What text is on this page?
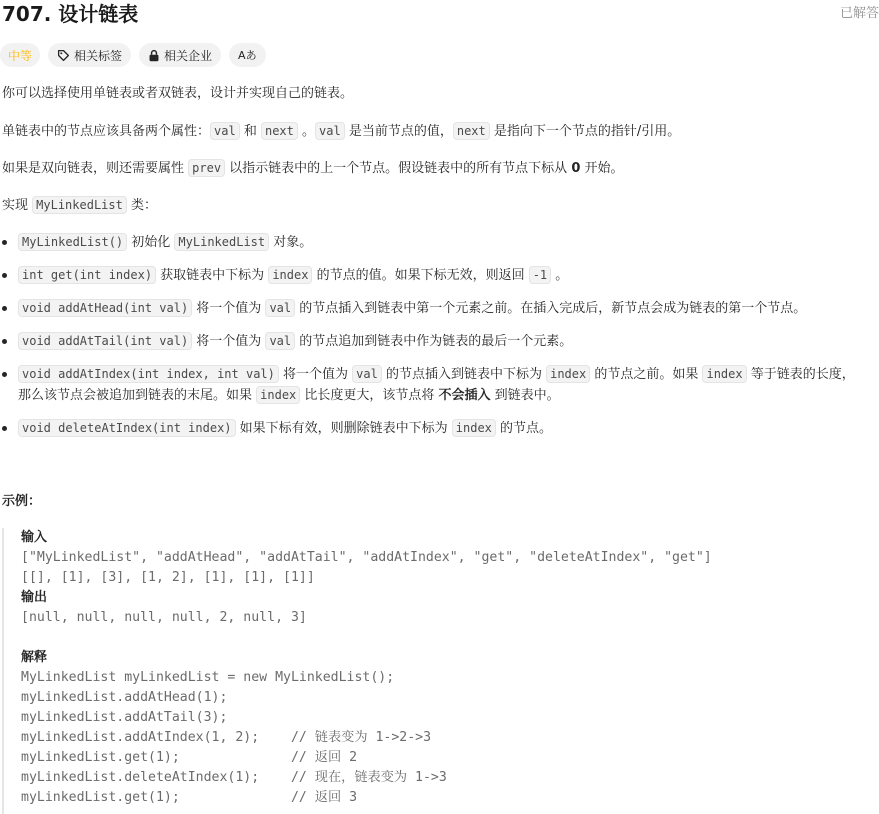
707. 设计链表	已解答
中等	相关标签	相关企业 Aあ
你可以选择使用单链表或者双链表，设计并实现自己的链表。
单链表中的节点应该具备两个属性： val 和 next 。 val 是当前节点的值， next 是指向下一个节点的指针/引用。
如果是双向链表，则还需要属性 prev 以指示链表中的上一个节点。假设链表中的所有节点下标从 0 开始。
实现 MyLinkedList 类：
MyLinkedList() 初始化 MyLinkedList 对象。
int get(int index) 获取链表中下标为 index 的节点的值。如果下标无效，则返回 -1 。
void addAtHead(int val) 将一个值为 val 的节点插入到链表中第一个元素之前。在插入完成后，新节点会成为链表的第一个节点。
void addAtTail(int val) 将一个值为 val 的节点追加到链表中作为链表的最后一个元素。
void addAtIndex(int index, int val) 将一个值为 val 的节点插入到链表中下标为 index 的节点之前。如果 index 等于链表的长度，
那么该节点会被追加到链表的末尾。如果 index 比长度更大，该节点将 不会插入 到链表中。
void deleteAtIndex(int index) 如果下标有效，则删除链表中下标为 index 的节点。
示例：
输入
["MyLinkedList", "addAtHead", "addAtTail", "addAtIndex", "get", "deleteAtIndex", "get"]
[[], [1], [3], [1, 2], [1], [1], [1]]
输出
[null, null, null, null, 2, null, 3]
解释
MyLinkedList myLinkedList = new MyLinkedList();
myLinkedList.addAtHead(1);
myLinkedList.addAtTail(3);
myLinkedList.addAtIndex(1, 2);    // 链表变为 1->2->3
myLinkedList.get(1);              // 返回 2
myLinkedList.deleteAtIndex(1);    // 现在，链表变为 1->3
myLinkedList.get(1);              // 返回 3
